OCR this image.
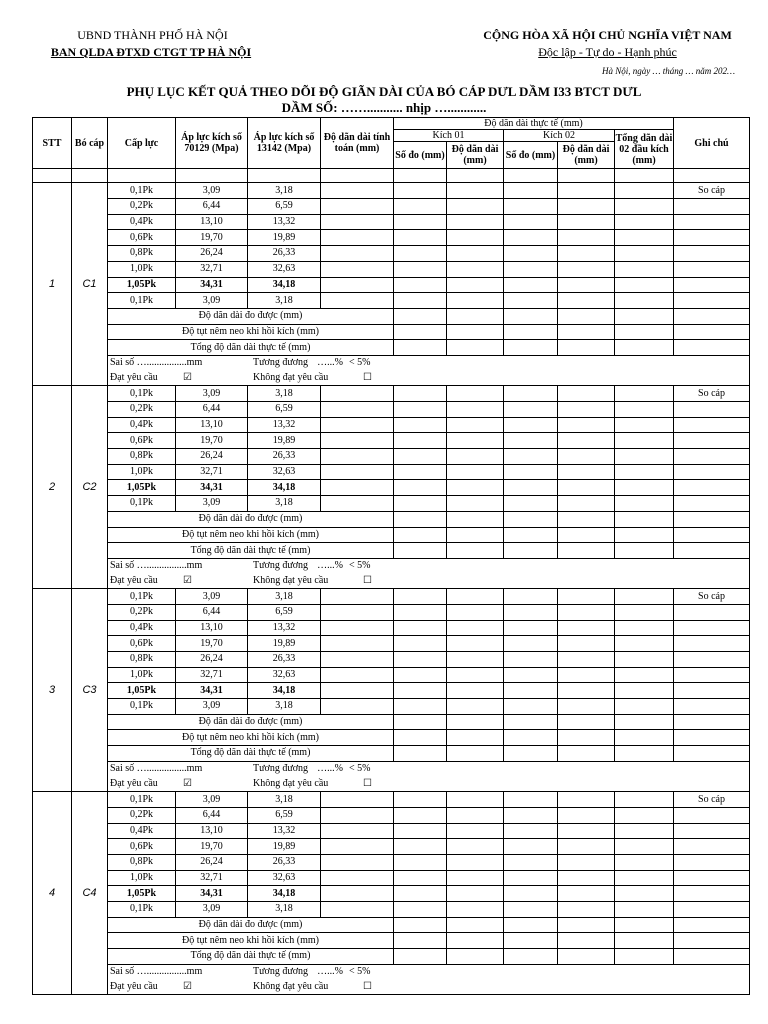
UBND THÀNH PHỐ HÀ NỘI
BAN QLDA ĐTXD CTGT TP HÀ NỘI
CỘNG HÒA XÃ HỘI CHỦ NGHĨA VIỆT NAM
Độc lập - Tự do - Hạnh phúc
Hà Nội, ngày … tháng … năm 202…
PHỤ LỤC KẾT QUẢ THEO DÕI ĐỘ GIÃN DÀI CỦA BÓ CÁP DƯL DẦM I33 BTCT DƯL
DẦM SỐ: ……........... nhịp …............
STT	Bó cáp	Cấp lực	Áp lực kích số 70129 (Mpa)	Áp lực kích số 13142 (Mpa)	Độ dãn dài tính toán (mm)	Độ dãn dài thực tế (mm)					Ghi chú
						Kích 01		Kích 02		Tổng dãn dài 02 đầu kích (mm)	
						Số đo (mm)	Độ dãn dài (mm)	Số đo (mm)	Độ dãn dài (mm)		

1	C1	0,1Pk	3,09	3,18							So cáp
		0,2Pk	6,44	6,59							
		0,4Pk	13,10	13,32							
		0,6Pk	19,70	19,89							
		0,8Pk	26,24	26,33							
		1,0Pk	32,71	32,63							
		1,05Pk	34,31	34,18							
		0,1Pk	3,09	3,18							
		Độ dãn dài đo được (mm)									
		Độ tụt nêm neo khi hồi kích (mm)									
		Tổng độ dãn dài thực tế (mm)									
		Sai số …................mm Tương đương …...% < 5%									
		Đạt yêu cầu ☑ Không đạt yêu cầu ☐									
2	C2	0,1Pk	3,09	3,18							So cáp
		0,2Pk	6,44	6,59							
		0,4Pk	13,10	13,32							
		0,6Pk	19,70	19,89							
		0,8Pk	26,24	26,33							
		1,0Pk	32,71	32,63							
		1,05Pk	34,31	34,18							
		0,1Pk	3,09	3,18							
		Độ dãn dài đo được (mm)									
		Độ tụt nêm neo khi hồi kích (mm)									
		Tổng độ dãn dài thực tế (mm)									
		Sai số …................mm Tương đương …...% < 5%									
		Đạt yêu cầu ☑ Không đạt yêu cầu ☐									
3	C3	0,1Pk	3,09	3,18							So cáp
		0,2Pk	6,44	6,59							
		0,4Pk	13,10	13,32							
		0,6Pk	19,70	19,89							
		0,8Pk	26,24	26,33							
		1,0Pk	32,71	32,63							
		1,05Pk	34,31	34,18							
		0,1Pk	3,09	3,18							
		Độ dãn dài đo được (mm)									
		Độ tụt nêm neo khi hồi kích (mm)									
		Tổng độ dãn dài thực tế (mm)									
		Sai số …................mm Tương đương …...% < 5%									
		Đạt yêu cầu ☑ Không đạt yêu cầu ☐									
4	C4	0,1Pk	3,09	3,18							So cáp
		0,2Pk	6,44	6,59							
		0,4Pk	13,10	13,32							
		0,6Pk	19,70	19,89							
		0,8Pk	26,24	26,33							
		1,0Pk	32,71	32,63							
		1,05Pk	34,31	34,18							
		0,1Pk	3,09	3,18							
		Độ dãn dài đo được (mm)									
		Độ tụt nêm neo khi hồi kích (mm)									
		Tổng độ dãn dài thực tế (mm)									
		Sai số …................mm Tương đương …...% < 5%									
		Đạt yêu cầu ☑ Không đạt yêu cầu ☐									
